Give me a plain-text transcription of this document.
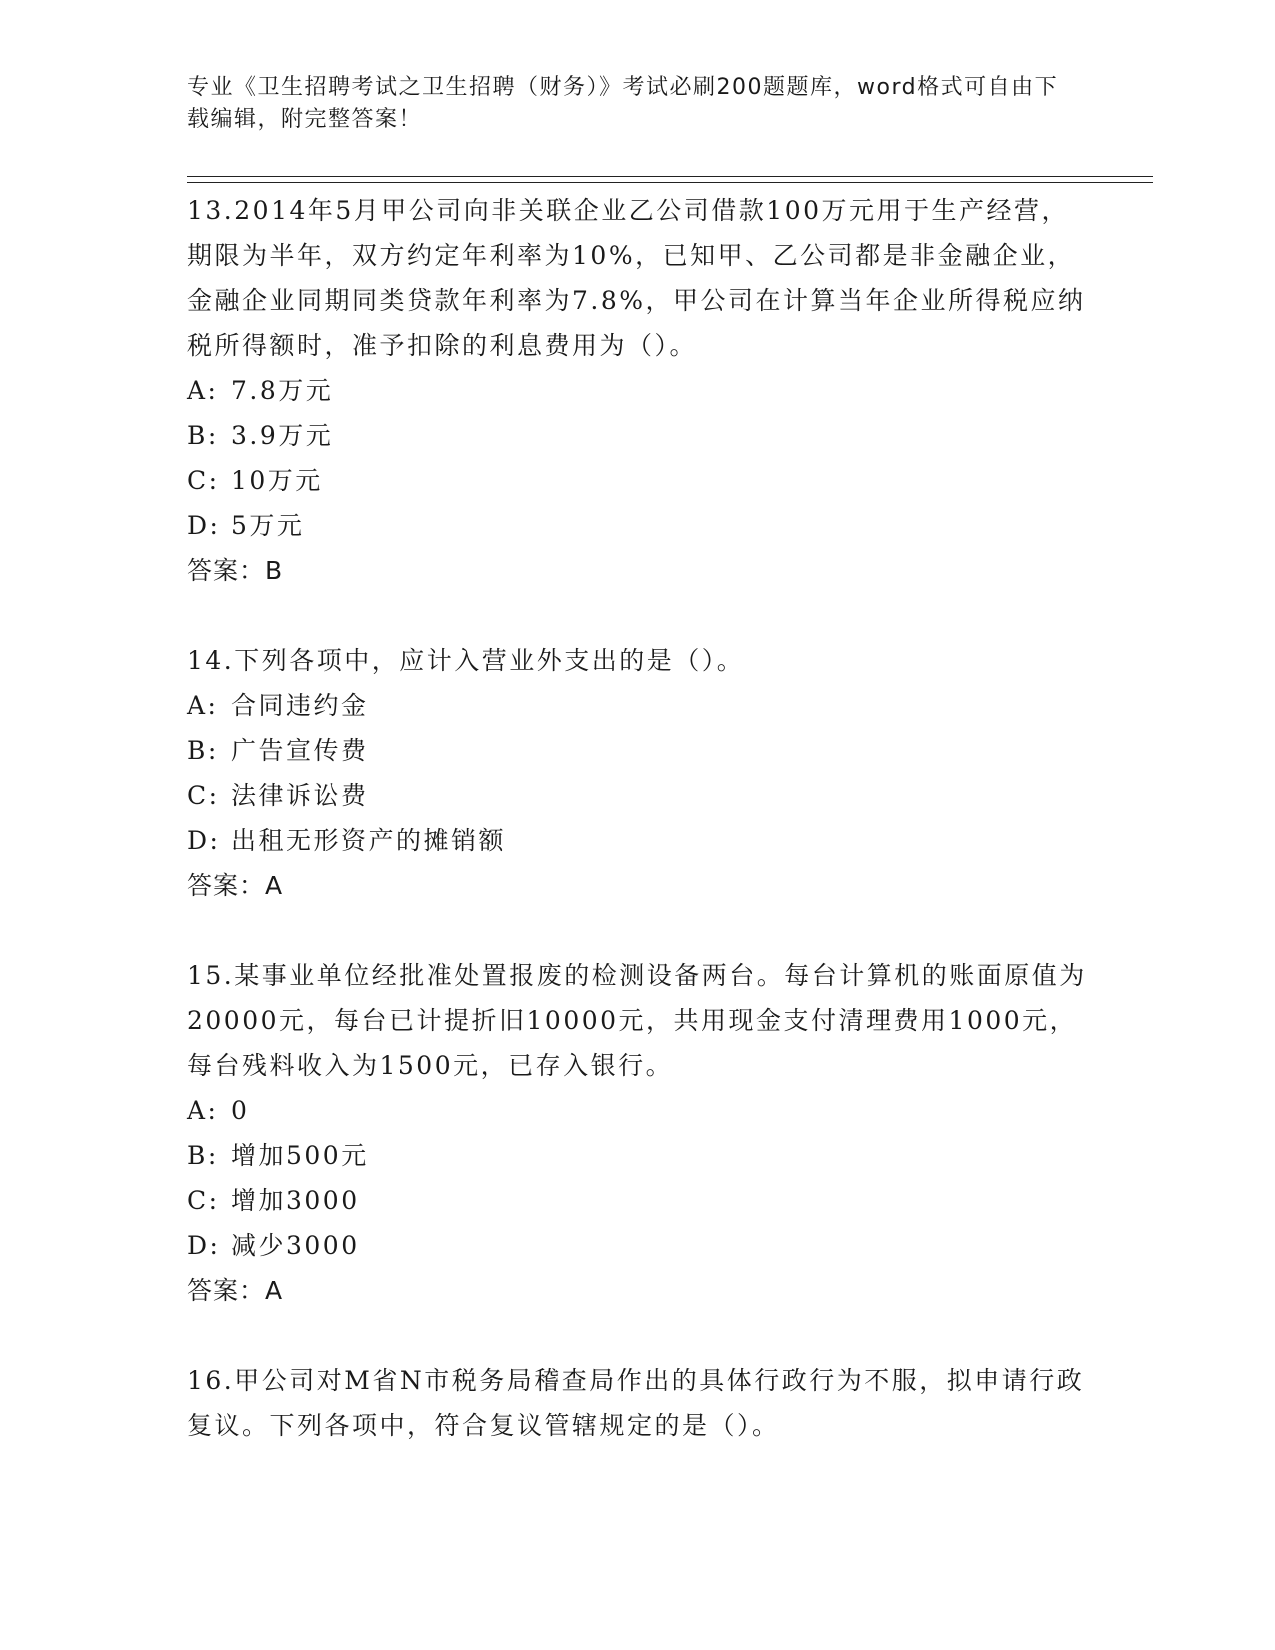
专业《卫生招聘考试之卫生招聘（财务）》考试必刷200题题库，word格式可自由下载编辑，附完整答案！
13.2014年5月甲公司向非关联企业乙公司借款100万元用于生产经营，期限为半年，双方约定年利率为10%，已知甲、乙公司都是非金融企业，金融企业同期同类贷款年利率为7.8%，甲公司在计算当年企业所得税应纳税所得额时，准予扣除的利息费用为（）。
A: 7.8万元
B: 3.9万元
C: 10万元
D: 5万元
答案：B
14.下列各项中，应计入营业外支出的是（）。
A: 合同违约金
B: 广告宣传费
C: 法律诉讼费
D: 出租无形资产的摊销额
答案：A
15.某事业单位经批准处置报废的检测设备两台。每台计算机的账面原值为20000元，每台已计提折旧10000元，共用现金支付清理费用1000元，每台残料收入为1500元，已存入银行。
A: 0
B: 增加500元
C: 增加3000
D: 减少3000
答案：A
16.甲公司对M省N市税务局稽查局作出的具体行政行为不服，拟申请行政复议。下列各项中，符合复议管辖规定的是（）。
